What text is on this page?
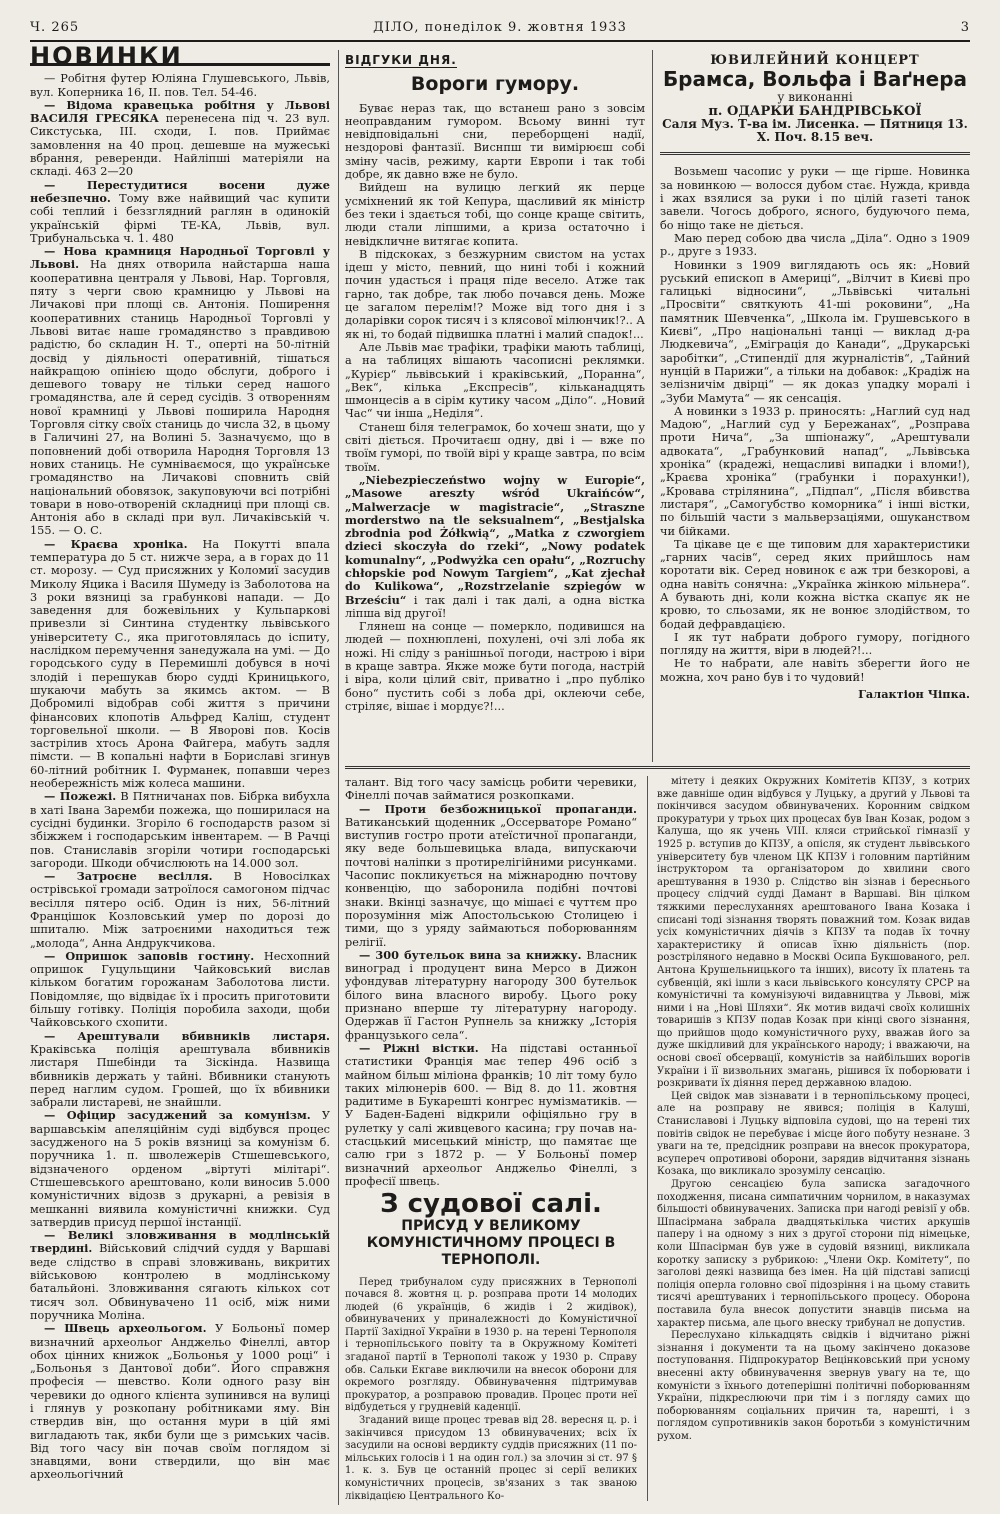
Ч. 265	ДІЛО, понеділок 9. жовтня 1933	3
НОВИНКИ

— Робітня футер Юліяна Глушевського, Львів, вул. Коперника 16, II. пов. Тел. 54-46.

— Відома кравецька робітня у Львові ВАСИЛЯ ГРЕСЯКА перенесена під ч. 23 вул. Сикстуська, III. сходи, І. пов. Приймає замовлення на 40 проц. дешевше на мужеські вбрання, реверенди. Найліпші матеріяли на складі. 463 2—20

— Перестудитися восени дуже небезпечно. Тому вже найвищий час купити собі теплий і беззглядний раглян в одинокій українській фірмі ТЕ-КА, Львів, вул. Трибунальська ч. 1. 480

— Нова крамниця Народньої Торговлі у Львові. На днях отворила найстарша наша кооперативна централя у Львові, Нар. Торговля, пяту з черги свою крамницю у Львові на Личакові при площі св. Антонія. Поширення кооперативних станиць Народньої Торговлі у Львові витає наше громадянство з правдивою радістю, бо складин Н. Т., оперті на 50-літній досвід у діяльності оперативній, тішаться найкращою опінією щодо обслуги, доброго і дешевого товару не тільки серед нашого громадянства, але й серед сусідів. З отворенням нової крамниці у Львові поширила Народня Торговля сітку своїх станиць до числа 32, в цьому в Галичині 27, на Волині 5. Зазначуємо, що в поповнений добі отворила Народня Торговля 13 нових станиць. Не сумніваємося, що українське громадянство на Личакові сповнить свій національний обовязок, закуповуючи всі потрібні товари в ново-отвореній складниці при площі св. Антонія або в складі при вул. Личаківській ч. 155. — О. С.

— Краєва хроніка. На Покутті впала температура до 5 ст. нижче зера, а в горах до 11 ст. морозу. — Суд присяжних у Коломиї засудив Миколу Яцика і Василя Шумеду із Заболотова на 3 роки вязниці за грабункові напади. — До заведення для божевільних у Кульпаркові привезли зі Синтина студентку львівського університету С., яка приготовлялась до іспиту, наслідком перемучення занедужала на умі. — До городського суду в Перемишлі добувся в ночі злодій і перешукав бюро судді Криницького, шукаючи мабуть за якимсь актом. — В Добромилі відобрав собі життя з причини фінансових клопотів Альфред Каліш, студент торговельної школи. — В Яворові пов. Косів застрілив хтось Арона Файгера, мабуть задля пімсти. — В копальні нафти в Бориславі згинув 60-літний робітник І. Фурманек, попавши через необережність між колеса машини.

— Пожежі. В Пятничанах пов. Бібрка вибухла в хаті Івана Заремби пожежа, що поширилася на сусідні будинки. Згоріло 6 господарств разом зі збіжжем і господарським інвентарем. — В Рачці пов. Станиславів згоріли чотири господарські загороди. Шкоди обчислюють на 14.000 зол.

— Затроєне весілля. В Новосілках острівської громади затроїлося самогоном підчас весілля пятеро осіб. Один із них, 56-літний Францішок Козловський умер по дорозі до шпиталю. Між затроєними находиться теж „молода“, Анна Андрукчикова.

— Опришок заповів гостину. Несхопний опришок Гуцульщини Чайковський вислав кільком богатим горожанам Заболотова листи. Повідомляє, що відвідає їх і просить приготовити більшу готівку. Поліція поробила заходи, щоби Чайковського схопити.

— Арештували вбивників листаря. Краківська поліція арештувала вбивників листаря Пшебінди та Зіскінда. Назвища вбивників держать у тайні. Вбивники станують перед наглим судом. Грошей, що їх вбивники забрали листареві, не знайшли.

— Офіцир засуджений за комунізм. У варшавськім апеляційнім суді відбувся процес засудженого на 5 років вязниці за комунізм б. поручника 1. п. шволежерів Стшешевського, відзначеного орденом „віртуті мілітарі“. Стшешевського арештовано, коли виносив 5.000 комуністичних відозв з друкарні, а ревізія в мешканні виявила комуністичні книжки. Суд затвердив присуд першої інстанції.

— Великі зловживання в модлінській твердині. Військовий слідчий суддя у Варшаві веде слідство в справі зловживань, викритих військовою контролею в модлінському батальйоні. Зловживання сягають кількох сот тисяч зол. Обвинувачено 11 осіб, між ними поручника Моліна.

— Швець археольогом. У Больоньї помер визначний археольог Анджельо Фінеллі, автор обох цінних книжок „Больонья у 1000 році“ і „Больонья з Дантової доби“. Його справжня професія — шевство. Коли одного разу він черевики до одного клієнта зупинився на вулиці і глянув у розкопану робітниками яму. Він ствердив він, що остання мури в цій ямі вигладають так, якби були ще з римських часів. Від того часу він почав своїм поглядом зі знавцями, вони ствердили, що він має археольогічний

ВІДГУКИ ДНЯ.
Вороги гумору.

Буває нераз так, що встанеш рано з зовсім неоправданим гумором. Всьому винні тут невідповідальні сни, переборщені надії, нездорові фантазії. Виснпш ти вимірюєш собі зміну часів, режиму, карти Европи і так тобі добре, як давно вже не було.

Вийдеш на вулицю легкий як перце усміхнений як той Кепура, щасливий як міністр без теки і здається тобі, що сонце краще світить, люди стали ліпшими, а криза остаточно і невідкличне витягає копита.

В підскоках, з безжурним свистом на устах ідеш у місто, певний, що нині тобі і кожний почин удасться і праця піде весело. Атже так гарно, так добре, так любо почався день. Може це загалом перелім!? Може від того дня і з доларівки сорок тисяч і з клясової мілюнчик!?.. А як ні, то бодай підвишка платні і малий спадок!...

Але Львів має трафіки, трафіки мають таблиці, а на таблицях вішають часописні реклямки. „Курієр“ львівський і краківський, „Поранна“, „Век“, кілька „Експресів“, кільканадцять шмонцесів а в сірім кутику часом „Діло“. „Новий Час“ чи інша „Неділя“.

Станеш біля телеграмок, бо хочеш знати, що у світі діється. Прочитаєш одну, дві і — вже по твоїм гуморі, по твоїй вірі у краще завтра, по всім твоїм.

„Niebezpieczeństwo wojny w Europie“, „Masowe aresztу wśród Ukraińców“, „Malwerzacje w magistracie“, „Straszne morderstwo na tle seksualnem“, „Bestjalska zbrodnia pod Żółkwią“, „Matka z czworgiem dzieci skoczyła do rzeki“, „Nowy podatek komunalny“, „Podwyżka cen opału“, „Rozruchy chłopskie pod Nowym Targiem“, „Kat zjechał do Kulikowa“, „Rozstrzelanie szpiegów w Brześciu“ і так далі і так далі, а одна вістка ліпша від другої!

Глянеш на сонце — померкло, подивишся на людей — похнюплені, похулені, очі злі лоба як ножі. Ні сліду з ранішньої погоди, настрою і віри в краще завтра. Якже може бути погода, настрій і віра, коли цілий світ, приватно і „про публіко боно“ пустить собі з лоба дрі, оклеючи себе, стріляє, вішає і мордує?!...

ЮВИЛЕЙНИЙ КОНЦЕРТ
Брамса, Вольфа і Ваґнера
у виконанні
п. ОДАРКИ БАНДРІВСЬКОЇ
Саля Муз. Т-ва ім. Лисенка. — Пятниця 13. X. Поч. 8.15 веч.

Возьмеш часопис у руки — ще гірше. Новинка за новинкою — волосся дубом стає. Нуждa, кривда і жах взялися за руки і по цілій газеті танок завели. Чогось доброго, ясного, будуючого пема, бо ніщо таке не діється.

Маю перед собою два числа „Діла“. Одно з 1909 р., друге з 1933.

Новинки з 1909 виглядають ось як: „Новий руський епископ в Америці“, „Вілчит в Києві про галицькі відносини“, „Львівські читальні „Просвіти“ святкують 41-ші роковини“, „На памятник Шевченка“, „Школа ім. Грушевського в Києві“, „Про національні танці — виклад д-ра Людкевича“, „Еміграція до Канади“, „Друкарські заробітки“, „Стипендії для журналістів“, „Тайний нунцій в Парижи“, а тільки на добавок: „Крадіж на зелізничім двірці“ — як доказ упадку моралі і „Зуби Мамута“ — як сенсація.

А новинки з 1933 р. приносять: „Наглий суд над Мадою“, „Наглий суд у Бережанах“, „Розправа проти Нича“, „За шпіонажу“, „Арештували адвоката“, „Грабунковий напад“, „Львівська хроніка“ (крадежі, нещасливі випадки і вломи!), „Краєва хроніка“ (грабунки і порахунки!), „Кровава стрілянина“, „Підпал“, „Після вбивства листаря“, „Самогубство коморника“ і інші вістки, по більшій части з мальверзаціями, ошуканством чи бійками.

Та цікаве це є ще типовим для характеристики „гарних часів“, серед яких прийшлось нам коротати вік. Серед новинок є аж три безкорові, а одна навіть сонячна: „Українка жінкою мільнера“. А бувають дні, коли кожна вістка скапує як не кровю, то сльозами, як не вонює злодійством, то бодай дефравдацією.

І як тут набрати доброго гумору, погідного погляду на життя, віри в людей?!...

Не то набрати, але навіть зберегти його не можна, хоч рано був і то чудовий!

Галактіон Чіпка.

талант. Від того часу замісць робити черевики, Фінеллі почав займатися розкопками.

— Проти безбожницької пропаганди. Ватиканський щоденник „Оссерваторе Романо“ виступив гостро проти атеїстичної пропаганди, яку веде большевицька влада, випускаючи почтові наліпки з протирелігійними рисунками. Часопис покликується на міжнародню почтову конвенцію, що заборонила подібні почтові знаки. Вкінці зазначує, що мішаєі є чуттєм про порозуміння між Апостольською Столицею і тими, що з уряду займаються поборюванням релігії.

— 300 бутельок вина за книжку. Власник виноград і продуцент вина Мерсо в Дижон уфондував літературну нагороду 300 бутельок білого вина власного виробу. Цього року признано вперше ту літературну нагороду. Одержав її Гастон Рупнель за книжку „Історія французького села“.

— Ріжні вістки. На підставі останньої статистики Франція має тепер 496 осіб з майном більш міліона франків; 10 літ тому було таких мілюнерів 600. — Від 8. до 11. жовтня радитиме в Букарешті конгрес нумізматиків. — У Баден-Бадені відкрили офіціяльно гру в рулетку у салі живцевого касина; гру почав на-стасцький мисецький міністр, що памятає ще салю гри з 1872 р. — У Больоньї помер визначний археольог Анджельо Фінеллі, з професії швець.

З судової салі.
ПРИСУД У ВЕЛИКОМУ КОМУНІСТИЧНОМУ ПРОЦЕСІ В ТЕРНОПОЛІ.

Перед трибуналом суду присяжних в Тернополі почався 8. жовтня ц. р. розправа проти 14 молодих людей (6 українців, 6 жидів і 2 жидівок), обвинувачених у приналежності до Комуністичної Партії Західної України в 1930 р. на терені Тернополя і тернопільського повіту та в Окружному Комітеті згаданої партії в Тернополі також у 1930 р. Справу обв. Сальки Екгаве виключили на внесок оборони для окремого розгляду. Обвинувачення підтримував прокуратор, а розправою провадив. Процес проти неї відбудеться у грудневій каденції.

Згаданий вище процес тревав від 28. вересня ц. р. і закінчився присудом 13 обвинувачених; всіх їх засудили на основі вердикту суддів присяжних (11 по-мільських голосів і 1 на один гол.) за злочин зі ст. 97 § 1. к. з. Був це останній процес зі серії великих комуністичних процесів, зв'язаних з так званою ліквідацією Центрального Ко-

мітету і деяких Окружних Комітетів КПЗУ, з котрих вже давніше один відбувся у Луцьку, а другий у Львові та покінчився засудом обвинувачених. Коронним свідком прокуратури у трьох цих процесах був Іван Козак, родом з Калуша, що як учень VIII. кляси стрийської гімназії у 1925 р. вступив до КПЗУ, а опісля, як студент львівського університету був членом ЦК КПЗУ і головним партійним інструктором та організатором до хвилини свого арештування в 1930 р. Слідство він зізнав і береснього процесу слідчий судді Дамант в Варшаві. Він цілком тяжкими переслуханнях арештованого Івана Козака і списані тоді зізнання творять поважний том. Козак видав усіх комуністичних діячів з КПЗУ та подав їх точну характеристику й описав їхню діяльність (пор. розстріляного недавно в Москві Осипа Букшованого, рел. Антона Крушельницького та інших), висоту їх платень та субвенцій, які ішли з каси львівського консуляту СРСР на комуністичні та комунізуючі видавництва у Львові, між ними і на „Нові Шляхи“. Як мотив видачі своїх колишніх товаришів з КПЗУ подав Козак при кінці свого зізнання, що прийшов щодо комуністичного руху, вважав його за дуже шкідливий для українського народу; і вважаючи, на основі своєї обсервації, комуністів за найбільших ворогів України і її визвольних змагань, рішився їх поборювати і розкривати їх діяння перед державною владою.

Цей свідок мав зізнавати і в тернопільському процесі, але на розправу не явився; поліція в Калуші, Станиславові і Луцьку відповіла судові, що на терені тих повітів свідок не перебуває і місце його побуту незнане. З уваги на те, предсідник розправи на внесок прокуратора, всупереч опротивові оборони, зарядив відчитання зізнань Козака, що викликало зрозумілу сенсацію.

Другою сенсацією була записка загадочного походження, писана симпатичним чорнилом, в наказумах більшості обвинувачених. Записка при нагоді ревізії у обв. Шпасірмана забрала двадцятькілька чистих аркушів паперу і на одному з них з другої сторони під німецьке, коли Шпасірман був уже в судовій вязниці, викликала коротку записку з рубрикою: „Члени Окр. Комітету“, по заголові деякі назвища без імен. На цій підставі записці поліція оперла головно свої підозріння і на цьому ставить тисячі арештуваних і тернопільського процесу. Оборона поставила була внесок допустити знавців письма на характер письма, але цього внеску трибунал не допустив.

Переслухано кількадцять свідків і відчитано ріжні зізнання і документи та на цьому закінчено доказове поступовання. Підпрокуратор Вецінковський при усному внесенні акту обвинувачення звернув увагу на те, що комуністи з їхнього дотеперішні політичні поборюванням України, підкреслюючи при тім і з погляду самих що поборюванням соціальних причин та, нарешті, і з поглядом супротивників закон боротьби з комуністичним рухом.
